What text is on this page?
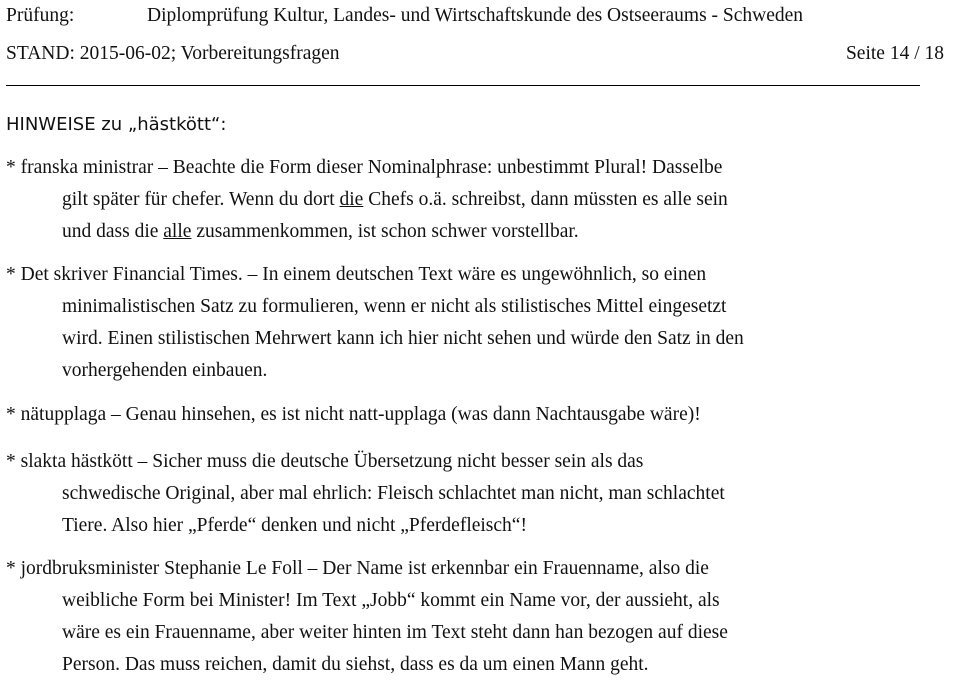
Prüfung:	Diplomprüfung Kultur, Landes- und Wirtschaftskunde des Ostseeraums - Schweden
STAND: 2015-06-02; Vorbereitungsfragen	Seite 14 / 18
HINWEISE zu „hästkött“:
* franska ministrar – Beachte die Form dieser Nominalphrase: unbestimmt Plural! Dasselbe
gilt später für chefer. Wenn du dort die Chefs o.ä. schreibst, dann müssten es alle sein
und dass die alle zusammenkommen, ist schon schwer vorstellbar.
* Det skriver Financial Times. – In einem deutschen Text wäre es ungewöhnlich, so einen
minimalistischen Satz zu formulieren, wenn er nicht als stilistisches Mittel eingesetzt
wird. Einen stilistischen Mehrwert kann ich hier nicht sehen und würde den Satz in den
vorhergehenden einbauen.
* nätupplaga – Genau hinsehen, es ist nicht natt-upplaga (was dann Nachtausgabe wäre)!
* slakta hästkött – Sicher muss die deutsche Übersetzung nicht besser sein als das
schwedische Original, aber mal ehrlich: Fleisch schlachtet man nicht, man schlachtet
Tiere. Also hier „Pferde“ denken und nicht „Pferdefleisch“!
* jordbruksminister Stephanie Le Foll – Der Name ist erkennbar ein Frauenname, also die
weibliche Form bei Minister! Im Text „Jobb“ kommt ein Name vor, der aussieht, als
wäre es ein Frauenname, aber weiter hinten im Text steht dann han bezogen auf diese
Person. Das muss reichen, damit du siehst, dass es da um einen Mann geht.
